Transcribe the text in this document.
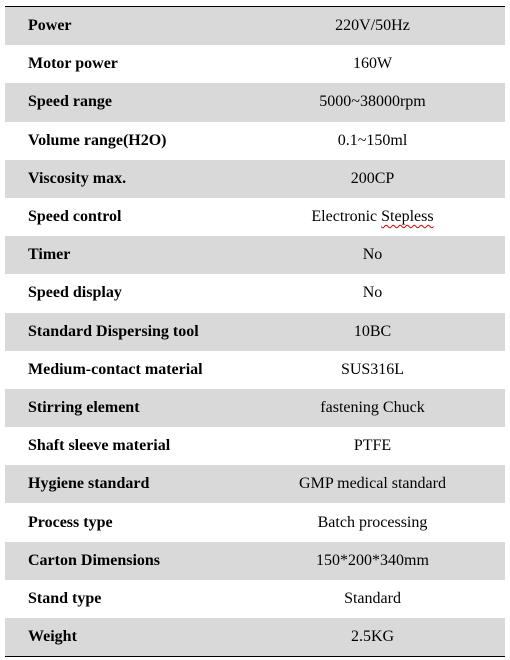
Power	220V/50Hz
Motor power	160W
Speed range	5000~38000rpm
Volume range(H2O)	0.1~150ml
Viscosity max.	200CP
Speed control	Electronic Stepless
Timer	No
Speed display	No
Standard Dispersing tool	10BC
Medium-contact material	SUS316L
Stirring element	fastening Chuck
Shaft sleeve material	PTFE
Hygiene standard	GMP medical standard
Process type	Batch processing
Carton Dimensions	150*200*340mm
Stand type	Standard
Weight	2.5KG
